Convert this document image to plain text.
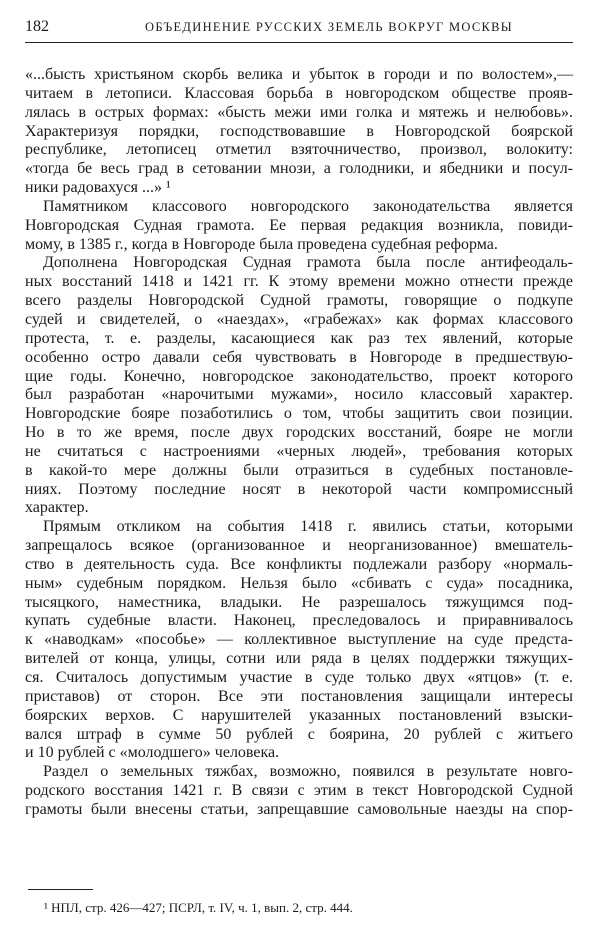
182	ОБЪЕДИНЕНИЕ РУССКИХ ЗЕМЕЛЬ ВОКРУГ МОСКВЫ
«...бысть христьяном скорбь велика и убыток в городи и по волостем»,—
читаем в летописи. Классовая борьба в новгородском обществе прояв-
лялась в острых формах: «бысть межи ими голка и мятежь и нелюбовь».
Характеризуя порядки, господствовавшие в Новгородской боярской
республике, летописец отметил взяточничество, произвол, волокиту:
«тогда бе весь град в сетовании мнози, а голодники, и ябедники и посул-
ники радовахуся ...» ¹
Памятником классового новгородского законодательства является
Новгородская Судная грамота. Ее первая редакция возникла, повиди-
мому, в 1385 г., когда в Новгороде была проведена судебная реформа.
Дополнена Новгородская Судная грамота была после антифеодаль-
ных восстаний 1418 и 1421 гг. К этому времени можно отнести прежде
всего разделы Новгородской Судной грамоты, говорящие о подкупе
судей и свидетелей, о «наездах», «грабежах» как формах классового
протеста, т. е. разделы, касающиеся как раз тех явлений, которые
особенно остро давали себя чувствовать в Новгороде в предшествую-
щие годы. Конечно, новгородское законодательство, проект которого
был разработан «нарочитыми мужами», носило классовый характер.
Новгородские бояре позаботились о том, чтобы защитить свои позиции.
Но в то же время, после двух городских восстаний, бояре не могли
не считаться с настроениями «черных людей», требования которых
в какой-то мере должны были отразиться в судебных постановле-
ниях. Поэтому последние носят в некоторой части компромиссный
характер.
Прямым откликом на события 1418 г. явились статьи, которыми
запрещалось всякое (организованное и неорганизованное) вмешатель-
ство в деятельность суда. Все конфликты подлежали разбору «нормаль-
ным» судебным порядком. Нельзя было «сбивать с суда» посадника,
тысяцкого, наместника, владыки. Не разрешалось тяжущимся под-
купать судебные власти. Наконец, преследовалось и приравнивалось
к «наводкам» «пособье» — коллективное выступление на суде предста-
вителей от конца, улицы, сотни или ряда в целях поддержки тяжущих-
ся. Считалось допустимым участие в суде только двух «ятцов» (т. е.
приставов) от сторон. Все эти постановления защищали интересы
боярских верхов. С нарушителей указанных постановлений взыски-
вался штраф в сумме 50 рублей с боярина, 20 рублей с житьего
и 10 рублей с «молодшего» человека.
Раздел о земельных тяжбах, возможно, появился в результате новго-
родского восстания 1421 г. В связи с этим в текст Новгородской Судной
грамоты были внесены статьи, запрещавшие самовольные наезды на спор-
¹ НПЛ, стр. 426—427; ПСРЛ, т. IV, ч. 1, вып. 2, стр. 444.
